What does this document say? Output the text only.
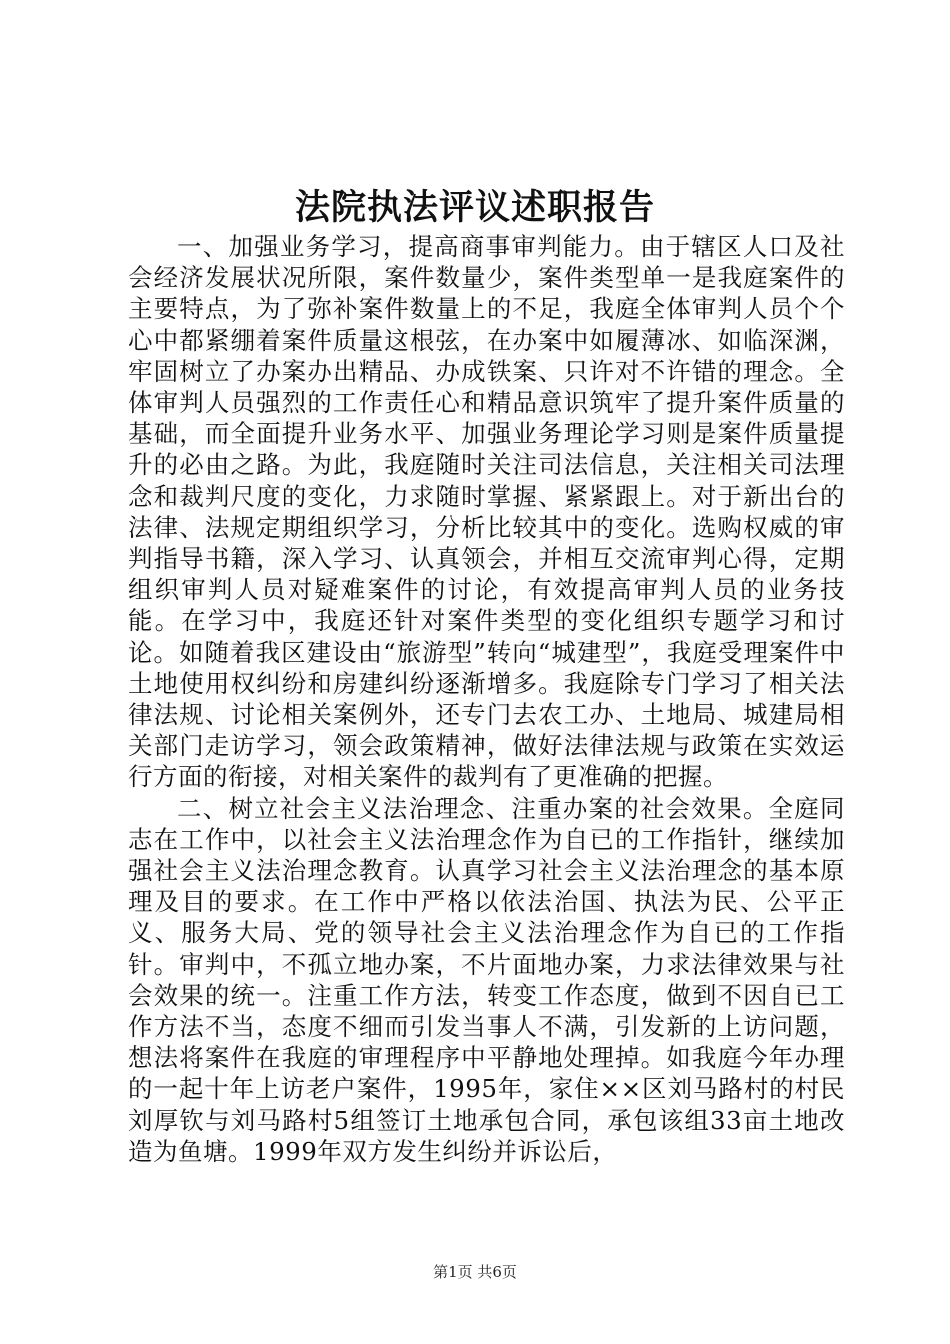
法院执法评议述职报告

一、加强业务学习，提高商事审判能力。由于辖区人口及社会经济发展状况所限，案件数量少，案件类型单一是我庭案件的主要特点，为了弥补案件数量上的不足，我庭全体审判人员个个心中都紧绷着案件质量这根弦，在办案中如履薄冰、如临深渊，牢固树立了办案办出精品、办成铁案、只许对不许错的理念。全体审判人员强烈的工作责任心和精品意识筑牢了提升案件质量的基础，而全面提升业务水平、加强业务理论学习则是案件质量提升的必由之路。为此，我庭随时关注司法信息，关注相关司法理念和裁判尺度的变化，力求随时掌握、紧紧跟上。对于新出台的法律、法规定期组织学习，分析比较其中的变化。选购权威的审判指导书籍，深入学习、认真领会，并相互交流审判心得，定期组织审判人员对疑难案件的讨论，有效提高审判人员的业务技能。在学习中，我庭还针对案件类型的变化组织专题学习和讨论。如随着我区建设由“旅游型”转向“城建型”，我庭受理案件中土地使用权纠纷和房建纠纷逐渐增多。我庭除专门学习了相关法律法规、讨论相关案例外，还专门去农工办、土地局、城建局相关部门走访学习，领会政策精神，做好法律法规与政策在实效运行方面的衔接，对相关案件的裁判有了更准确的把握。

二、树立社会主义法治理念、注重办案的社会效果。全庭同志在工作中，以社会主义法治理念作为自已的工作指针，继续加强社会主义法治理念教育。认真学习社会主义法治理念的基本原理及目的要求。在工作中严格以依法治国、执法为民、公平正义、服务大局、党的领导社会主义法治理念作为自已的工作指针。审判中，不孤立地办案，不片面地办案，力求法律效果与社会效果的统一。注重工作方法，转变工作态度，做到不因自已工作方法不当，态度不细而引发当事人不满，引发新的上访问题，想法将案件在我庭的审理程序中平静地处理掉。如我庭今年办理的一起十年上访老户案件，1995年，家住××区刘马路村的村民刘厚钦与刘马路村5组签订土地承包合同，承包该组33亩土地改造为鱼塘。1999年双方发生纠纷并诉讼后，

第1页 共6页
